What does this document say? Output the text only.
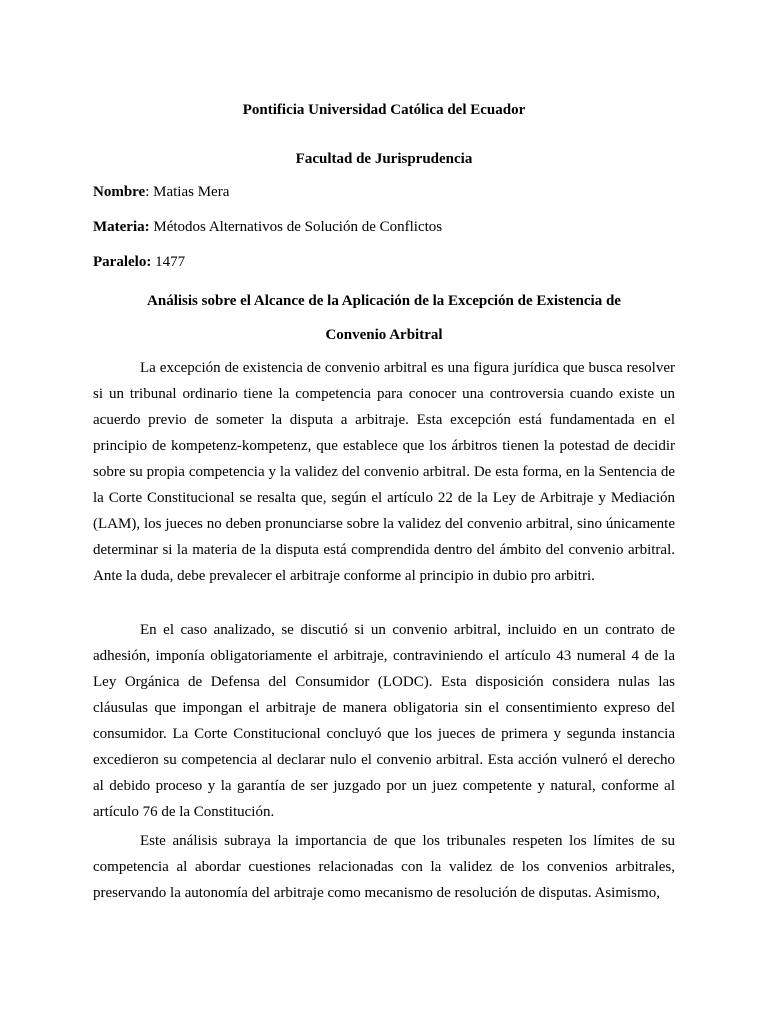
Pontificia Universidad Católica del Ecuador
Facultad de Jurisprudencia
Nombre: Matias Mera
Materia: Métodos Alternativos de Solución de Conflictos
Paralelo: 1477
Análisis sobre el Alcance de la Aplicación de la Excepción de Existencia de
Convenio Arbitral
La excepción de existencia de convenio arbitral es una figura jurídica que busca resolver si un tribunal ordinario tiene la competencia para conocer una controversia cuando existe un acuerdo previo de someter la disputa a arbitraje. Esta excepción está fundamentada en el principio de kompetenz-kompetenz, que establece que los árbitros tienen la potestad de decidir sobre su propia competencia y la validez del convenio arbitral. De esta forma, en la Sentencia de la Corte Constitucional se resalta que, según el artículo 22 de la Ley de Arbitraje y Mediación (LAM), los jueces no deben pronunciarse sobre la validez del convenio arbitral, sino únicamente determinar si la materia de la disputa está comprendida dentro del ámbito del convenio arbitral. Ante la duda, debe prevalecer el arbitraje conforme al principio in dubio pro arbitri.
En el caso analizado, se discutió si un convenio arbitral, incluido en un contrato de adhesión, imponía obligatoriamente el arbitraje, contraviniendo el artículo 43 numeral 4 de la Ley Orgánica de Defensa del Consumidor (LODC). Esta disposición considera nulas las cláusulas que impongan el arbitraje de manera obligatoria sin el consentimiento expreso del consumidor. La Corte Constitucional concluyó que los jueces de primera y segunda instancia excedieron su competencia al declarar nulo el convenio arbitral. Esta acción vulneró el derecho al debido proceso y la garantía de ser juzgado por un juez competente y natural, conforme al artículo 76 de la Constitución.
Este análisis subraya la importancia de que los tribunales respeten los límites de su competencia al abordar cuestiones relacionadas con la validez de los convenios arbitrales, preservando la autonomía del arbitraje como mecanismo de resolución de disputas. Asimismo,
